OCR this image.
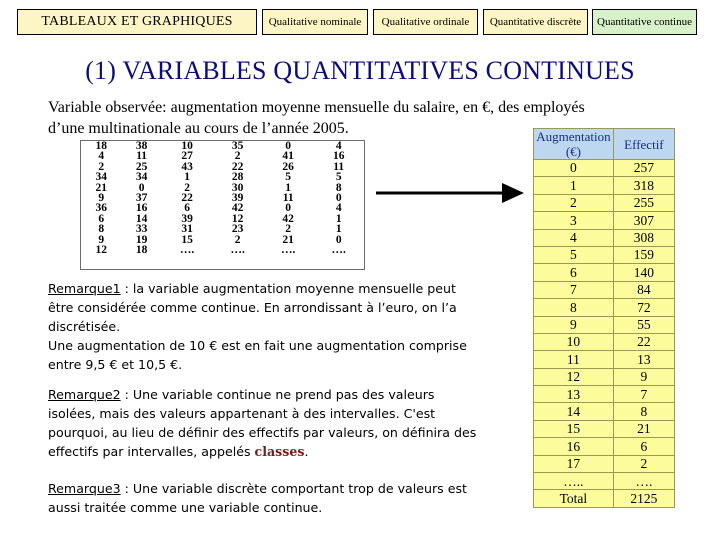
TABLEAUX ET GRAPHIQUES	Qualitative nominale	Qualitative ordinale	Quantitative discrète	Quantitative continue
(1) VARIABLES QUANTITATIVES CONTINUES
Variable observée: augmentation moyenne mensuelle du salaire, en €, des employés
d’une multinationale au cours de l’année 2005.
18	38	10	35	0	4
4	11	27	2	41	16
2	25	43	22	26	11
34	34	1	28	5	5
21	0	2	30	1	8
9	37	22	39	11	0
36	16	6	42	0	4
6	14	39	12	42	1
8	33	31	23	2	1
9	19	15	2	21	0
12	18	….	….	….	….
Remarque1 : la variable augmentation moyenne mensuelle peut
être considérée comme continue. En arrondissant à l’euro, on l’a
discrétisée.
Une augmentation de 10 € est en fait une augmentation comprise
entre 9,5 € et 10,5 €.
Remarque2 : Une variable continue ne prend pas des valeurs
isolées, mais des valeurs appartenant à des intervalles. C'est
pourquoi, au lieu de définir des effectifs par valeurs, on définira des
effectifs par intervalles, appelés classes.
Remarque3 : Une variable discrète comportant trop de valeurs est
aussi traitée comme une variable continue.
Augmentation (€)	Effectif
0	257
1	318
2	255
3	307
4	308
5	159
6	140
7	84
8	72
9	55
10	22
11	13
12	9
13	7
14	8
15	21
16	6
17	2
…..	….
Total	2125
